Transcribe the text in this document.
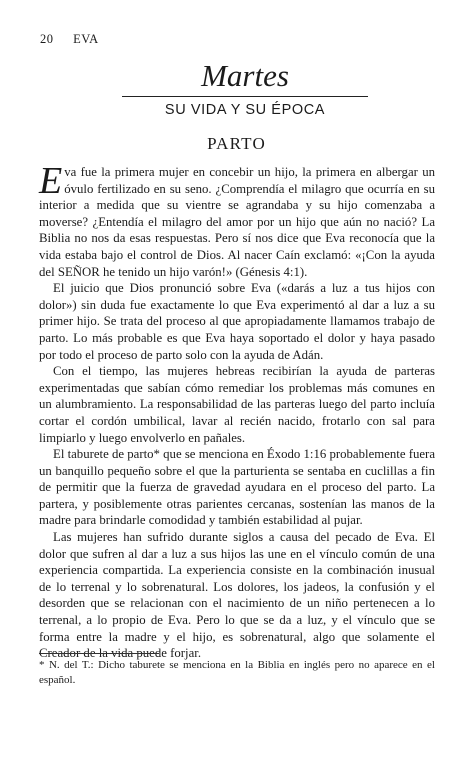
20 EVA
Martes
SU VIDA Y SU ÉPOCA
PARTO

Eva fue la primera mujer en concebir un hijo, la primera en albergar un óvulo fertilizado en su seno. ¿Comprendía el milagro que ocurría en su interior a medida que su vientre se agrandaba y su hijo comenzaba a moverse? ¿Entendía el milagro del amor por un hijo que aún no nació? La Biblia no nos da esas respuestas. Pero sí nos dice que Eva reconocía que la vida estaba bajo el control de Dios. Al nacer Caín exclamó: «¡Con la ayuda del SEÑOR he tenido un hijo varón!» (Génesis 4:1).

El juicio que Dios pronunció sobre Eva («darás a luz a tus hijos con dolor») sin duda fue exactamente lo que Eva experimentó al dar a luz a su primer hijo. Se trata del proceso al que apropiadamente llamamos trabajo de parto. Lo más probable es que Eva haya soportado el dolor y haya pasado por todo el proceso de parto solo con la ayuda de Adán.

Con el tiempo, las mujeres hebreas recibirían la ayuda de parteras experimentadas que sabían cómo remediar los problemas más comunes en un alumbramiento. La responsabilidad de las parteras luego del parto incluía cortar el cordón umbilical, lavar al recién nacido, frotarlo con sal para limpiarlo y luego envolverlo en pañales.

El taburete de parto* que se menciona en Éxodo 1:16 probablemente fuera un banquillo pequeño sobre el que la parturienta se sentaba en cuclillas a fin de permitir que la fuerza de gravedad ayudara en el proceso del parto. La partera, y posiblemente otras parientes cercanas, sostenían las manos de la madre para brindarle comodidad y también estabilidad al pujar.

Las mujeres han sufrido durante siglos a causa del pecado de Eva. El dolor que sufren al dar a luz a sus hijos las une en el vínculo común de una experiencia compartida. La experiencia consiste en la combinación inusual de lo terrenal y lo sobrenatural. Los dolores, los jadeos, la confusión y el desorden que se relacionan con el nacimiento de un niño pertenecen a lo terrenal, a lo propio de Eva. Pero lo que se da a luz, y el vínculo que se forma entre la madre y el hijo, es sobrenatural, algo que solamente el Creador de la vida puede forjar.

* N. del T.: Dicho taburete se menciona en la Biblia en inglés pero no aparece en el español.
